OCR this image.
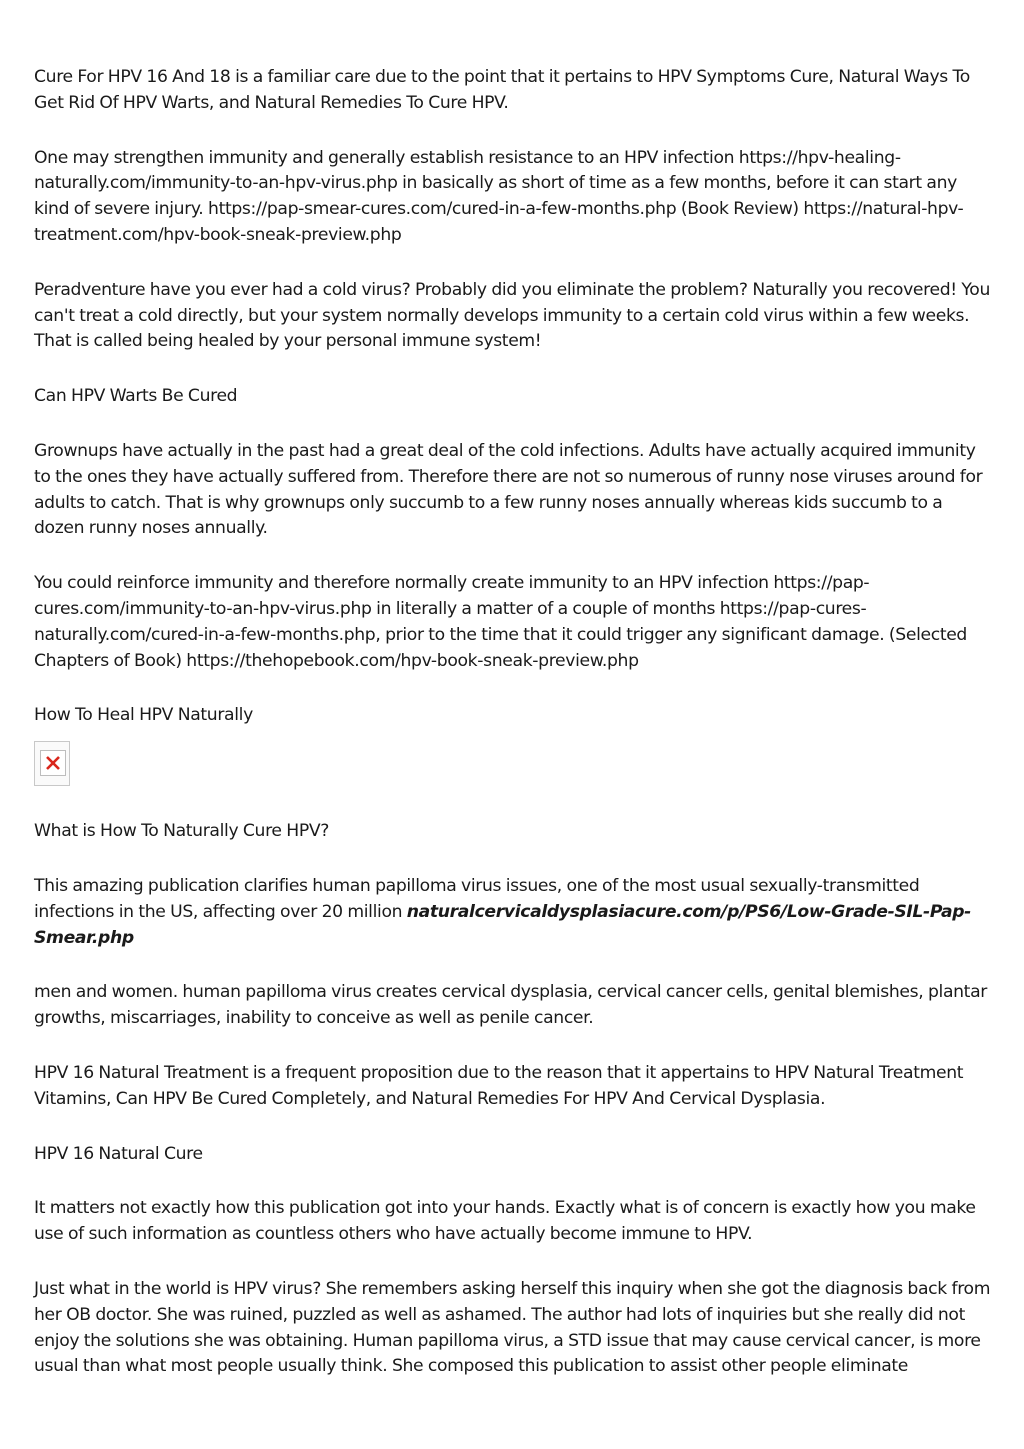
Cure For HPV 16 And 18 is a familiar care due to the point that it pertains to HPV Symptoms Cure, Natural Ways To Get Rid Of HPV Warts, and Natural Remedies To Cure HPV.

One may strengthen immunity and generally establish resistance to an HPV infection https://hpv-healing-naturally.com/immunity-to-an-hpv-virus.php in basically as short of time as a few months, before it can start any kind of severe injury. https://pap-smear-cures.com/cured-in-a-few-months.php (Book Review) https://natural-hpv-treatment.com/hpv-book-sneak-preview.php

Peradventure have you ever had a cold virus? Probably did you eliminate the problem? Naturally you recovered! You can't treat a cold directly, but your system normally develops immunity to a certain cold virus within a few weeks. That is called being healed by your personal immune system!

Can HPV Warts Be Cured

Grownups have actually in the past had a great deal of the cold infections. Adults have actually acquired immunity to the ones they have actually suffered from. Therefore there are not so numerous of runny nose viruses around for adults to catch. That is why grownups only succumb to a few runny noses annually whereas kids succumb to a dozen runny noses annually.

You could reinforce immunity and therefore normally create immunity to an HPV infection https://pap-cures.com/immunity-to-an-hpv-virus.php in literally a matter of a couple of months https://pap-cures-naturally.com/cured-in-a-few-months.php, prior to the time that it could trigger any significant damage. (Selected Chapters of Book) https://thehopebook.com/hpv-book-sneak-preview.php

How To Heal HPV Naturally

What is How To Naturally Cure HPV?

This amazing publication clarifies human papilloma virus issues, one of the most usual sexually-transmitted infections in the US, affecting over 20 million naturalcervicaldysplasiacure.com/p/PS6/Low-Grade-SIL-Pap-Smear.php

men and women. human papilloma virus creates cervical dysplasia, cervical cancer cells, genital blemishes, plantar growths, miscarriages, inability to conceive as well as penile cancer.

HPV 16 Natural Treatment is a frequent proposition due to the reason that it appertains to HPV Natural Treatment Vitamins, Can HPV Be Cured Completely, and Natural Remedies For HPV And Cervical Dysplasia.

HPV 16 Natural Cure

It matters not exactly how this publication got into your hands. Exactly what is of concern is exactly how you make use of such information as countless others who have actually become immune to HPV.

Just what in the world is HPV virus? She remembers asking herself this inquiry when she got the diagnosis back from her OB doctor. She was ruined, puzzled as well as ashamed. The author had lots of inquiries but she really did not enjoy the solutions she was obtaining. Human papilloma virus, a STD issue that may cause cervical cancer, is more usual than what most people usually think. She composed this publication to assist other people eliminate
